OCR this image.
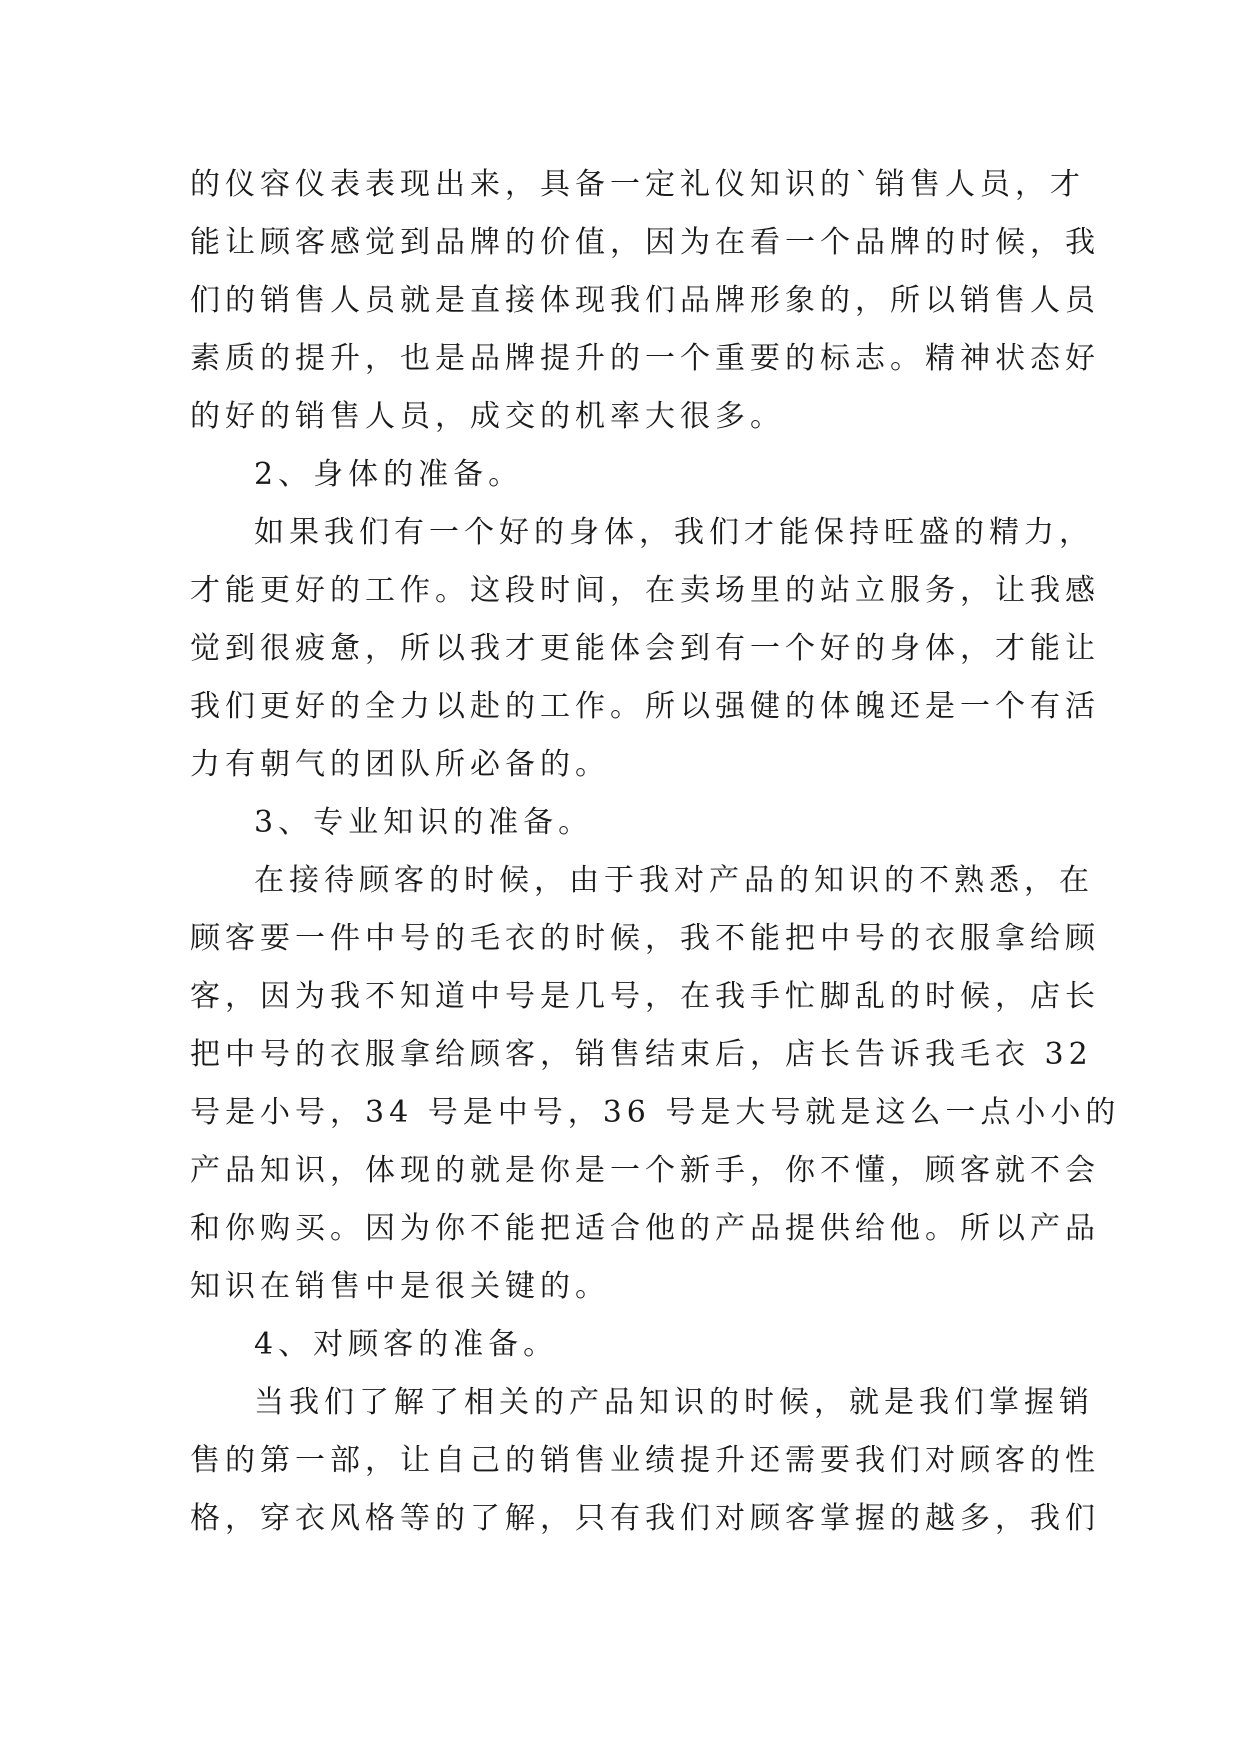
的仪容仪表表现出来，具备一定礼仪知识的`销售人员，才
能让顾客感觉到品牌的价值，因为在看一个品牌的时候，我
们的销售人员就是直接体现我们品牌形象的，所以销售人员
素质的提升，也是品牌提升的一个重要的标志。精神状态好
的好的销售人员，成交的机率大很多。
2、身体的准备。
如果我们有一个好的身体，我们才能保持旺盛的精力，
才能更好的工作。这段时间，在卖场里的站立服务，让我感
觉到很疲惫，所以我才更能体会到有一个好的身体，才能让
我们更好的全力以赴的工作。所以强健的体魄还是一个有活
力有朝气的团队所必备的。
3、专业知识的准备。
在接待顾客的时候，由于我对产品的知识的不熟悉，在
顾客要一件中号的毛衣的时候，我不能把中号的衣服拿给顾
客，因为我不知道中号是几号，在我手忙脚乱的时候，店长
把中号的衣服拿给顾客，销售结束后，店长告诉我毛衣 32
号是小号，34 号是中号，36 号是大号就是这么一点小小的
产品知识，体现的就是你是一个新手，你不懂，顾客就不会
和你购买。因为你不能把适合他的产品提供给他。所以产品
知识在销售中是很关键的。
4、对顾客的准备。
当我们了解了相关的产品知识的时候，就是我们掌握销
售的第一部，让自己的销售业绩提升还需要我们对顾客的性
格，穿衣风格等的了解，只有我们对顾客掌握的越多，我们
